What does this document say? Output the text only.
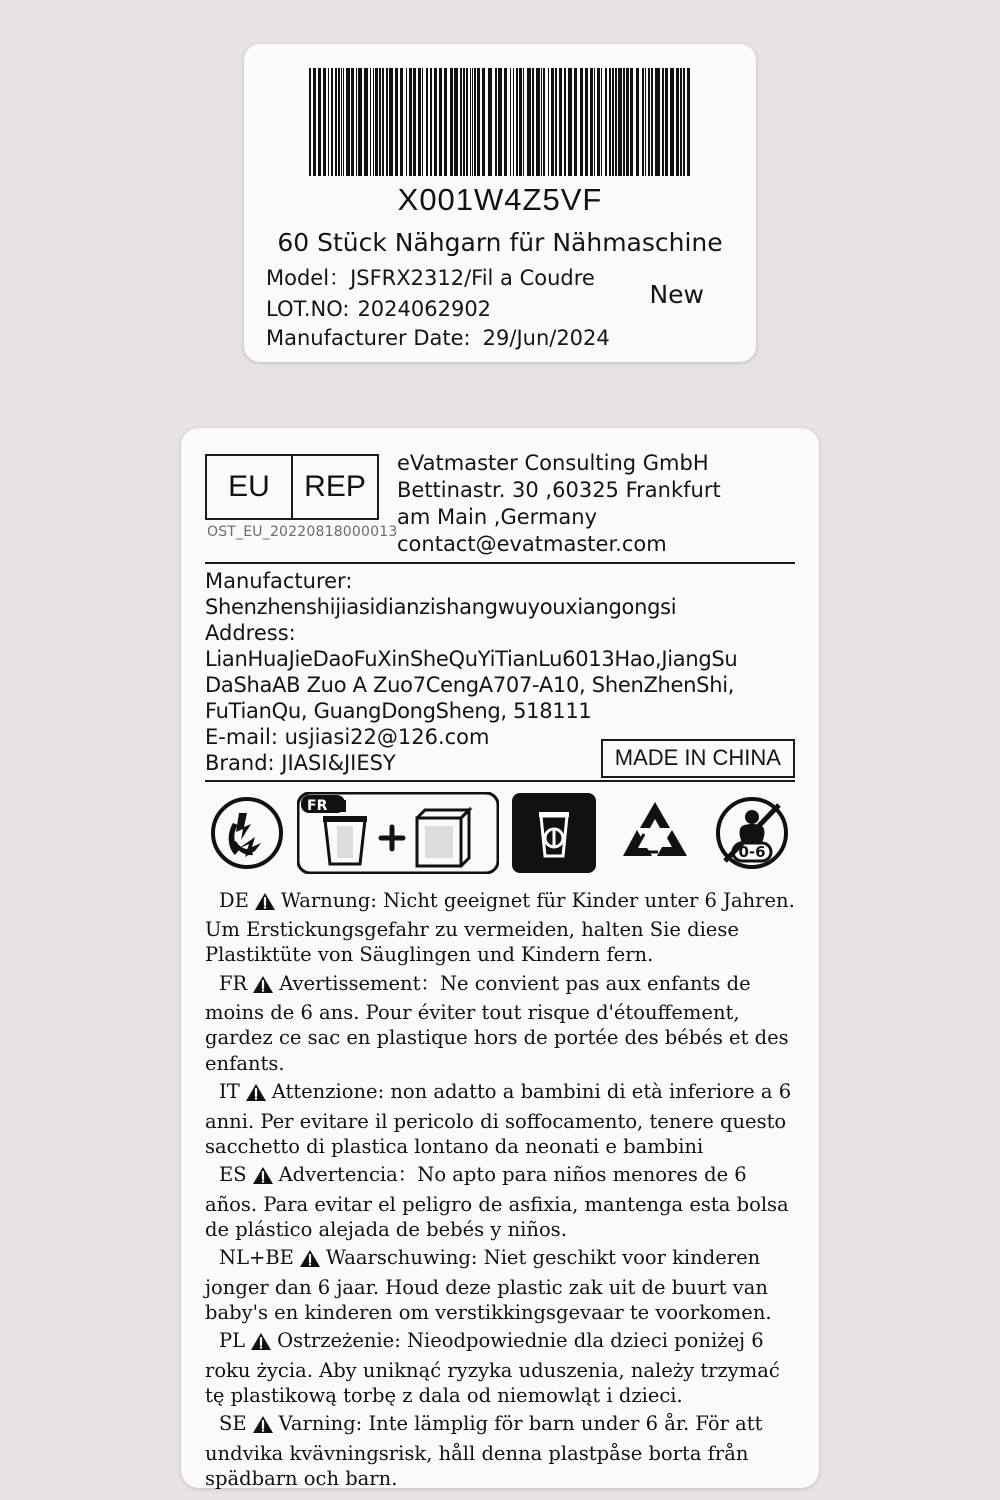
X001W4Z5VF
60 Stück Nähgarn für Nähmaschine
Model： JSFRX2312/Fil a Coudre
LOT.NO: 2024062902
Manufacturer Date: 29/Jun/2024
New
EU	REP
OST_EU_20220818000013
eVatmaster Consulting GmbH
Bettinastr. 30 ,60325 Frankfurt
am Main ,Germany
contact@evatmaster.com
Manufacturer:
Shenzhenshijiasidianzishangwuyouxiangongsi
Address:
LianHuaJieDaoFuXinSheQuYiTianLu6013Hao,JiangSu
DaShaAB Zuo A Zuo7CengA707-A10, ShenZhenShi,
FuTianQu, GuangDongSheng, 518111
E-mail: usjiasi22@126.com
Brand: JIASI&JIESY	MADE IN CHINA
FR
0-6
DE Warnung: Nicht geeignet für Kinder unter 6 Jahren. Um Erstickungsgefahr zu vermeiden, halten Sie diese Plastiktüte von Säuglingen und Kindern fern.
FR Avertissement：Ne convient pas aux enfants de moins de 6 ans. Pour éviter tout risque d'étouffement, gardez ce sac en plastique hors de portée des bébés et des enfants.
IT Attenzione: non adatto a bambini di età inferiore a 6 anni. Per evitare il pericolo di soffocamento, tenere questo sacchetto di plastica lontano da neonati e bambini
ES Advertencia：No apto para niños menores de 6 años. Para evitar el peligro de asfixia, mantenga esta bolsa de plástico alejada de bebés y niños.
NL+BE Waarschuwing: Niet geschikt voor kinderen jonger dan 6 jaar. Houd deze plastic zak uit de buurt van baby's en kinderen om verstikkingsgevaar te voorkomen.
PL Ostrzeżenie: Nieodpowiednie dla dzieci poniżej 6 roku życia. Aby uniknąć ryzyka uduszenia, należy trzymać tę plastikową torbę z dala od niemowląt i dzieci.
SE Varning: Inte lämplig för barn under 6 år. För att undvika kvävningsrisk, håll denna plastpåse borta från spädbarn och barn.
